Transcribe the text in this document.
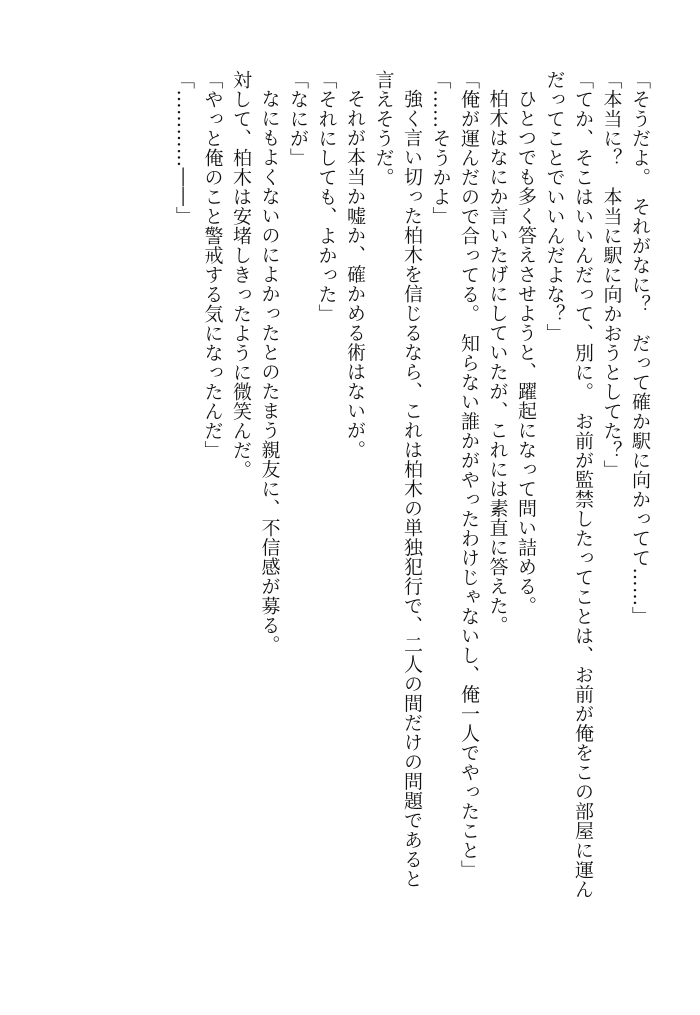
「そうだよ。　それがなに？　だって確か駅に向かってて……」
「本当に？　本当に駅に向かおうとしてた？」
「てか、そこはいいんだって、別に。　お前が監禁したってことは、お前が俺をこの部屋に運ん
だってことでいいんだよな？」
ひとつでも多く答えさせようと、躍起になって問い詰める。
柏木はなにか言いたげにしていたが、これには素直に答えた。
「俺が運んだので合ってる。　知らない誰かがやったわけじゃないし、俺一人でやったこと」
「……そうかよ」
強く言い切った柏木を信じるなら、これは柏木の単独犯行で、二人の間だけの問題であると
言えそうだ。
それが本当か嘘か、確かめる術はないが。
「それにしても、よかった」
「なにが」
なにもよくないのによかったとのたまう親友に、不信感が募る。
対して、柏木は安堵しきったように微笑んだ。
「やっと俺のこと警戒する気になったんだ」
「…………――」
